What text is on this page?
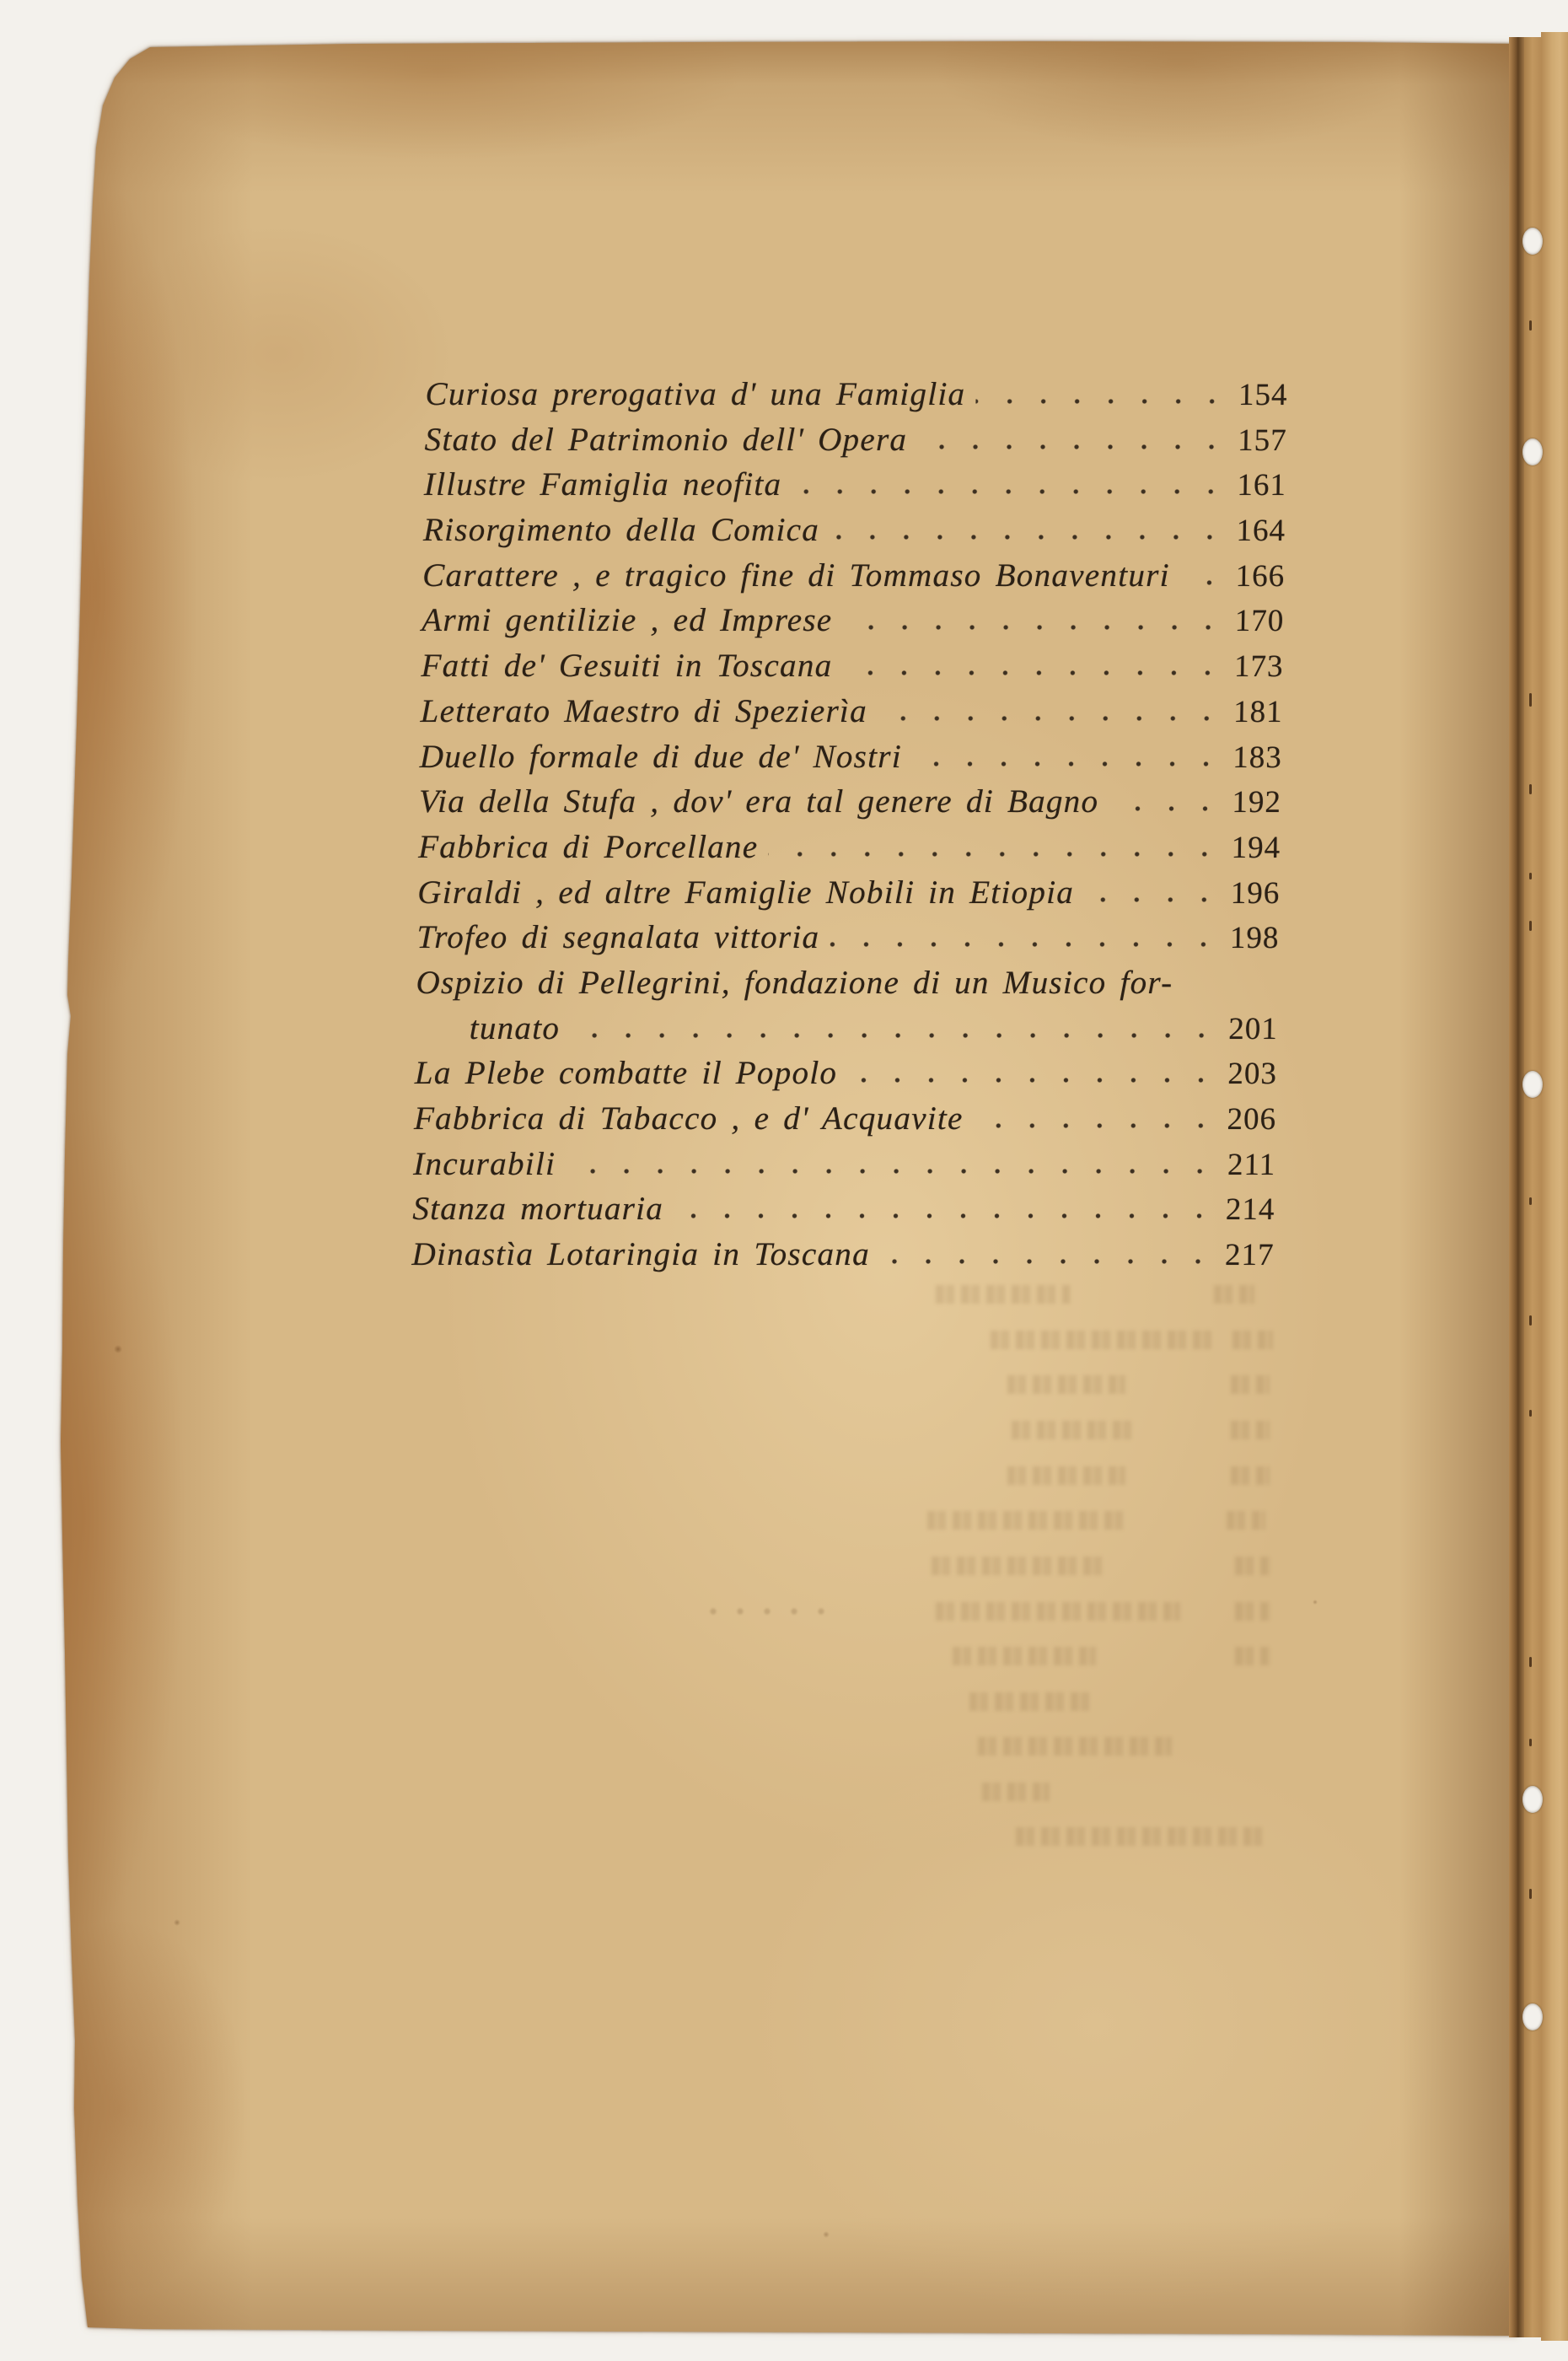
Curiosa prerogativa d' una Famiglia	154
Stato del Patrimonio dell' Opera	157
Illustre Famiglia neofita	161
Risorgimento della Comica	164
Carattere , e tragico fine di Tommaso Bonaventuri 166
Armi gentilizie , ed Imprese	170
Fatti de' Gesuiti in Toscana	173
Letterato Maestro di Spezierìa	181
Duello formale di due de' Nostri	183
Via della Stufa , dov' era tal genere di Bagno	192
Fabbrica di Porcellane	194
Giraldi , ed altre Famiglie Nobili in Etiopia	196
Trofeo di segnalata vittoria	198
Ospizio di Pellegrini, fondazione di un Musico for-
tunato	201
La Plebe combatte il Popolo	203
Fabbrica di Tabacco , e d' Acquavite	206
Incurabili	211
Stanza mortuaria	214
Dinastìa Lotaringia in Toscana	217
